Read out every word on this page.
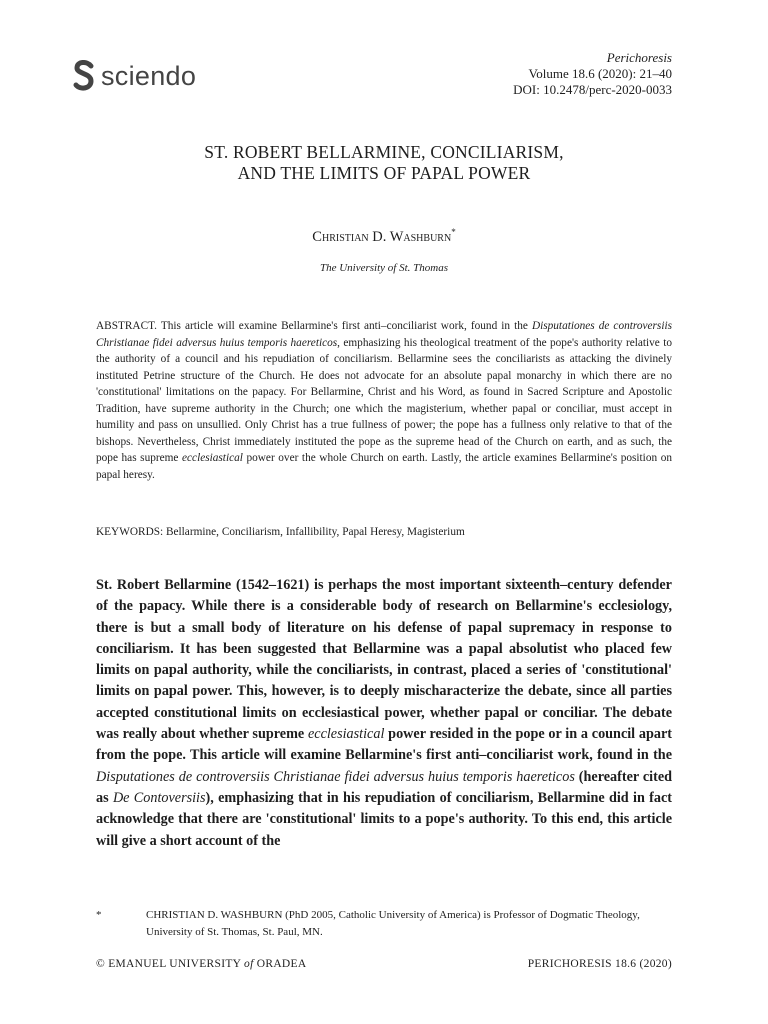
sciendo
Perichoresis
Volume 18.6 (2020): 21–40
DOI: 10.2478/perc-2020-0033
ST. ROBERT BELLARMINE, CONCILIARISM,
AND THE LIMITS OF PAPAL POWER
Christian D. Washburn*
The University of St. Thomas

ABSTRACT. This article will examine Bellarmine's first anti–conciliarist work, found in the Disputationes de controversiis Christianae fidei adversus huius temporis haereticos, emphasizing his theological treatment of the pope's authority relative to the authority of a council and his repudiation of conciliarism. Bellarmine sees the conciliarists as attacking the divinely instituted Petrine structure of the Church. He does not advocate for an absolute papal monarchy in which there are no 'constitutional' limitations on the papacy. For Bellarmine, Christ and his Word, as found in Sacred Scripture and Apostolic Tradition, have supreme authority in the Church; one which the magisterium, whether papal or conciliar, must accept in humility and pass on unsullied. Only Christ has a true fullness of power; the pope has a fullness only relative to that of the bishops. Nevertheless, Christ immediately instituted the pope as the supreme head of the Church on earth, and as such, the pope has supreme ecclesiastical power over the whole Church on earth. Lastly, the article examines Bellarmine's position on papal heresy.

KEYWORDS: Bellarmine, Conciliarism, Infallibility, Papal Heresy, Magisterium

St. Robert Bellarmine (1542–1621) is perhaps the most important sixteenth–century defender of the papacy. While there is a considerable body of research on Bellarmine's ecclesiology, there is but a small body of literature on his defense of papal supremacy in response to conciliarism. It has been suggested that Bellarmine was a papal absolutist who placed few limits on papal authority, while the conciliarists, in contrast, placed a series of 'constitutional' limits on papal power. This, however, is to deeply mischaracterize the debate, since all parties accepted constitutional limits on ecclesiastical power, whether papal or conciliar. The debate was really about whether supreme ecclesiastical power resided in the pope or in a council apart from the pope. This article will examine Bellarmine's first anti–conciliarist work, found in the Disputationes de controversiis Christianae fidei adversus huius temporis haereticos (hereafter cited as De Contoversiis), emphasizing that in his repudiation of conciliarism, Bellarmine did in fact acknowledge that there are 'constitutional' limits to a pope's authority. To this end, this article will give a short account of the

*	CHRISTIAN D. WASHBURN (PhD 2005, Catholic University of America) is Professor of Dogmatic Theology, University of St. Thomas, St. Paul, MN.
© EMANUEL UNIVERSITY of ORADEA	PERICHORESIS 18.6 (2020)
